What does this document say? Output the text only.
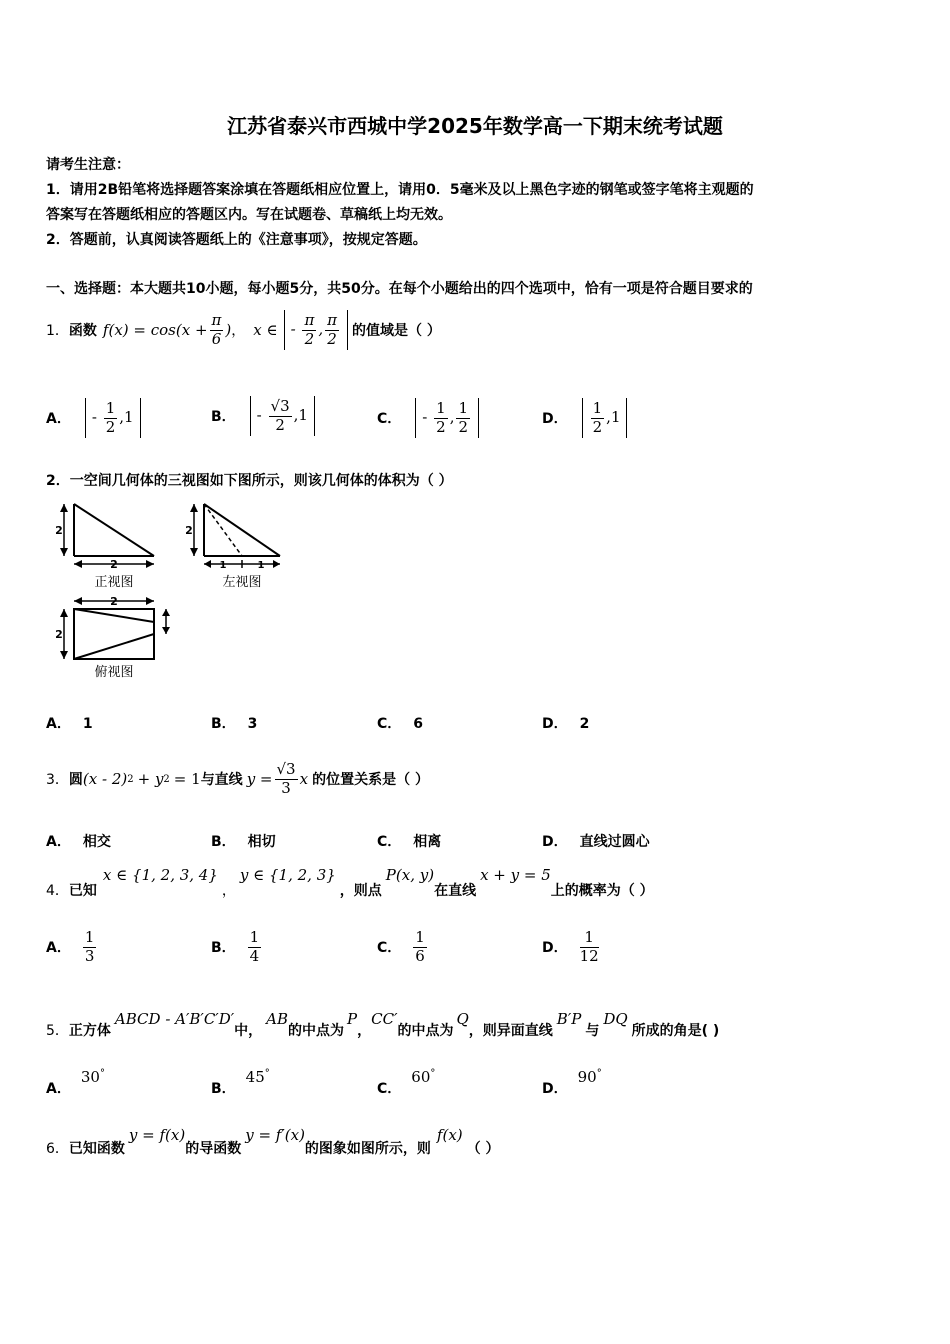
江苏省泰兴市西城中学2025年数学高一下期末统考试题
请考生注意：
1．请用2B铅笔将选择题答案涂填在答题纸相应位置上，请用0．5毫米及以上黑色字迹的钢笔或签字笔将主观题的
答案写在答题纸相应的答题区内。写在试题卷、草稿纸上均无效。
2．答题前，认真阅读答题纸上的《注意事项》，按规定答题。
一、选择题：本大题共10小题，每小题5分，共50分。在每个小题给出的四个选项中，恰有一项是符合题目要求的
1． 函数 $f(x) = \cos(x + \frac{\pi}{6}$ ) ， x ∈ - $\frac{\pi}{2}$ , $\frac{\pi}{2}$ 的值域是（ ）
A．	- $\frac{1}{2} ,1$	B．	- $\frac{√3}{2} ,1$	C．	- $\frac{1}{2}$ , $\frac{1}{2}$	D． $\frac{1}{2} ,1$
2．一空间几何体的三视图如下图所示，则该几何体的体积为（ ）
2
2
正视图
2
1	1
左视图
2
2
俯视图
A． 1	B． 3	C． 6	D． 2
3． 圆 (x - 2) 2 + y 2 = 1 与直线 $y = \frac{√3}{3}$ x 的位置关系是（ ）
A． 相交	B． 相切	C． 相离	D． 直线过圆心
4． 已知
x ∈ {1, 2, 3, 4}
，
y ∈ {1, 2, 3}
，则点
P(x, y)
在直线
x + y = 5
上的概率为（ ）
A． $\frac{1}{3}$	B． $\frac{1}{4}$	C． $\frac{1}{6}$	D． $\frac{1}{12}$
5． 正方体
ABCD - A′B′C′D′
中，
AB
的中点为
P
，
CC′
的中点为
Q
，则异面直线
B′P
与
DQ
所成的角是( )
A．
30 °
B．
45 °
C．
60 °
D．
90 °
6． 已知函数
y = f(x)
的导函数
y = f′(x)
的图象如图所示，则
f(x)
（ ）
